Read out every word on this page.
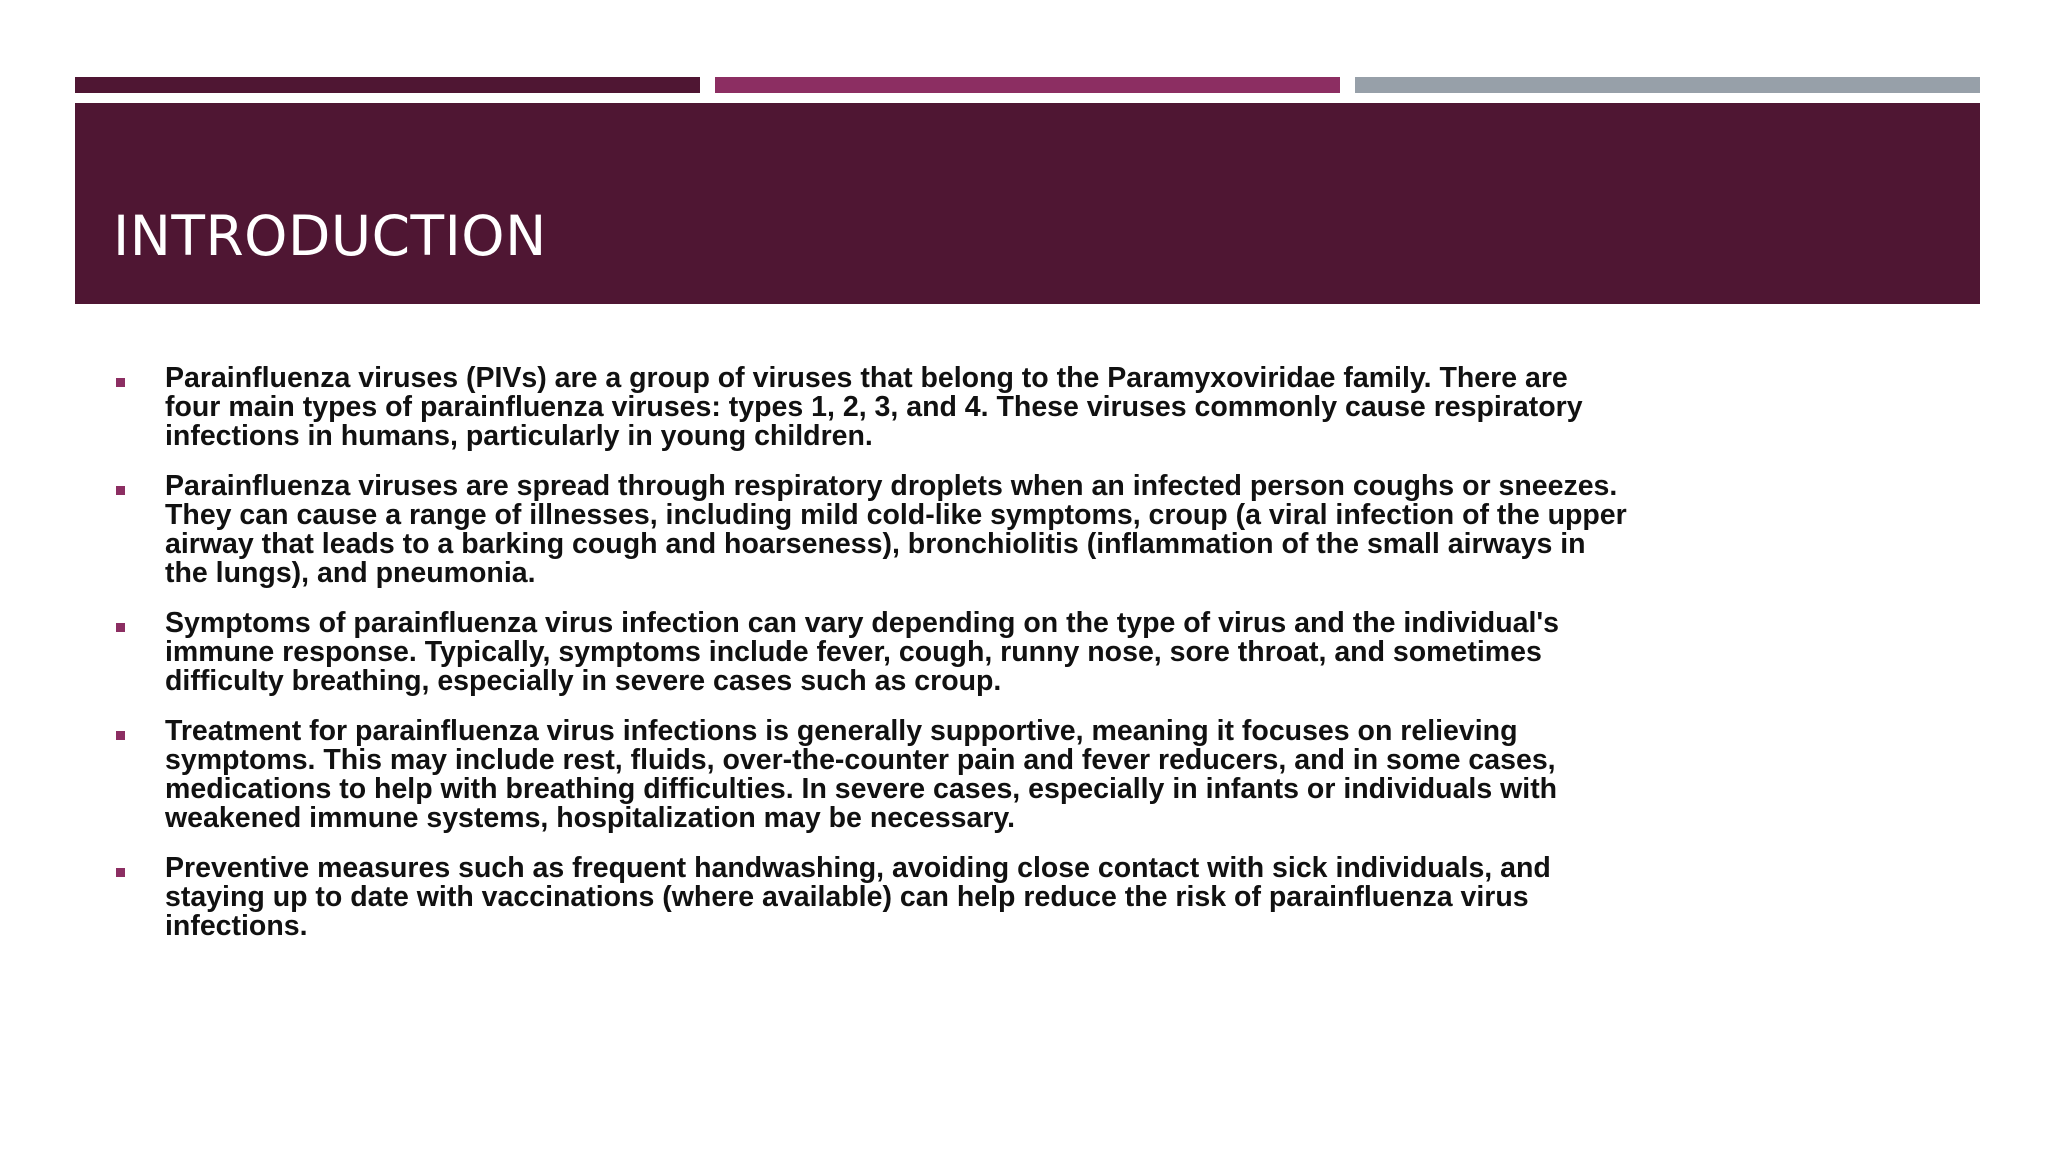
INTRODUCTION
Parainfluenza viruses (PIVs) are a group of viruses that belong to the Paramyxoviridae family. There are
four main types of parainfluenza viruses: types 1, 2, 3, and 4. These viruses commonly cause respiratory
infections in humans, particularly in young children.
Parainfluenza viruses are spread through respiratory droplets when an infected person coughs or sneezes.
They can cause a range of illnesses, including mild cold-like symptoms, croup (a viral infection of the upper
airway that leads to a barking cough and hoarseness), bronchiolitis (inflammation of the small airways in
the lungs), and pneumonia.
Symptoms of parainfluenza virus infection can vary depending on the type of virus and the individual's
immune response. Typically, symptoms include fever, cough, runny nose, sore throat, and sometimes
difficulty breathing, especially in severe cases such as croup.
Treatment for parainfluenza virus infections is generally supportive, meaning it focuses on relieving
symptoms. This may include rest, fluids, over-the-counter pain and fever reducers, and in some cases,
medications to help with breathing difficulties. In severe cases, especially in infants or individuals with
weakened immune systems, hospitalization may be necessary.
Preventive measures such as frequent handwashing, avoiding close contact with sick individuals, and
staying up to date with vaccinations (where available) can help reduce the risk of parainfluenza virus
infections.
